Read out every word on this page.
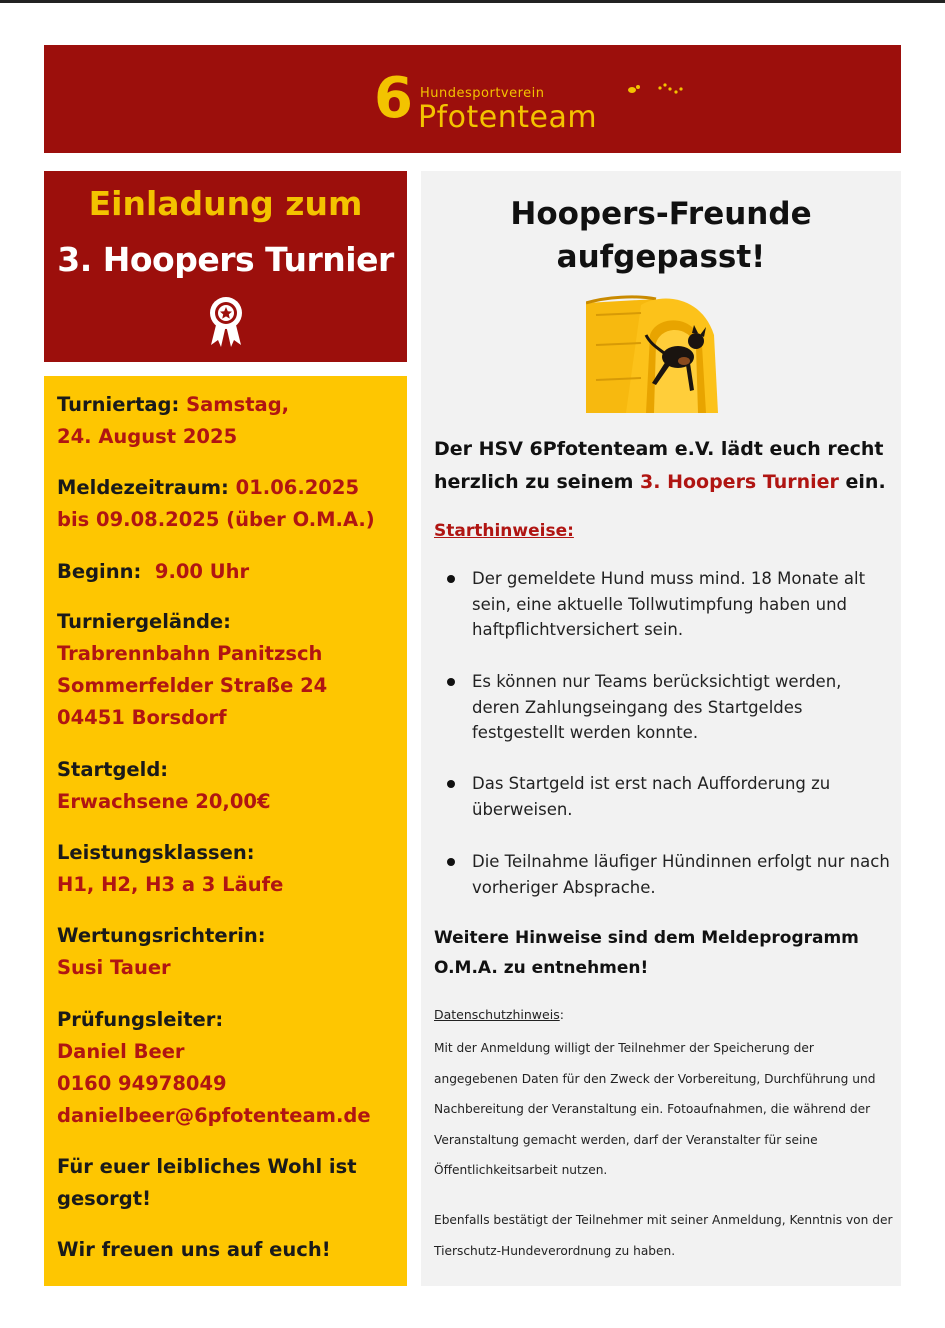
6 Hundesportverein
Pfotenteam
Einladung zum
3. Hoopers Turnier
Turniertag: Samstag,
24. August 2025
Meldezeitraum: 01.06.2025
bis 09.08.2025 (über O.M.A.)
Beginn: 9.00 Uhr
Turniergelände:
Trabrennbahn Panitzsch
Sommerfelder Straße 24
04451 Borsdorf
Startgeld:
Erwachsene 20,00€
Leistungsklassen:
H1, H2, H3 a 3 Läufe
Wertungsrichterin:
Susi Tauer
Prüfungsleiter:
Daniel Beer
0160 94978049
danielbeer@6pfotenteam.de
Für euer leibliches Wohl ist
gesorgt!
Wir freuen uns auf euch!
Hoopers-Freunde
aufgepasst!
Der HSV 6Pfotenteam e.V. lädt euch recht
herzlich zu seinem 3. Hoopers Turnier ein.
Starthinweise:
Der gemeldete Hund muss mind. 18 Monate alt sein, eine aktuelle Tollwutimpfung haben und haftpflichtversichert sein.
Es können nur Teams berücksichtigt werden, deren Zahlungseingang des Startgeldes festgestellt werden konnte.
Das Startgeld ist erst nach Aufforderung zu überweisen.
Die Teilnahme läufiger Hündinnen erfolgt nur nach vorheriger Absprache.
Weitere Hinweise sind dem Meldeprogramm
O.M.A. zu entnehmen!
Datenschutzhinweis:
Mit der Anmeldung willigt der Teilnehmer der Speicherung der angegebenen Daten für den Zweck der Vorbereitung, Durchführung und Nachbereitung der Veranstaltung ein. Fotoaufnahmen, die während der Veranstaltung gemacht werden, darf der Veranstalter für seine Öffentlichkeitsarbeit nutzen.
Ebenfalls bestätigt der Teilnehmer mit seiner Anmeldung, Kenntnis von der Tierschutz-Hundeverordnung zu haben.
